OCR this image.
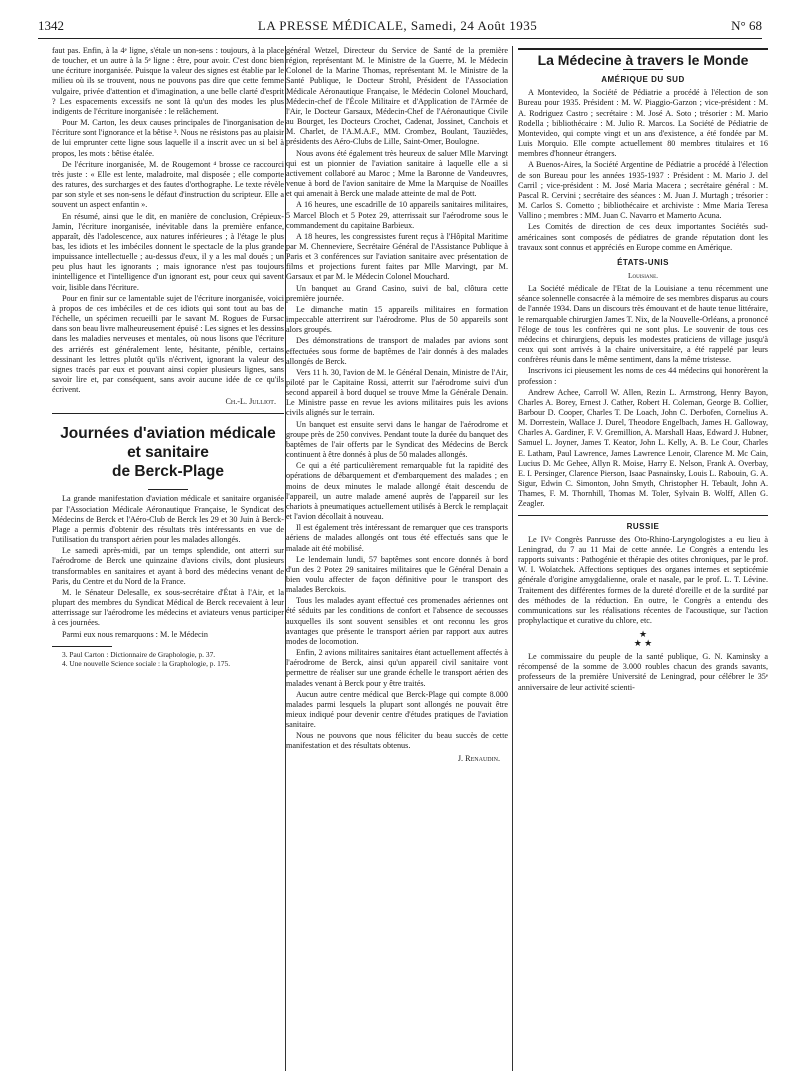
1342	LA PRESSE MÉDICALE, Samedi, 24 Août 1935	N° 68

faut pas. Enfin, à la 4ᵉ ligne, s'étale un non-sens : toujours, à la place de toucher, et un autre à la 5ᵉ ligne : être, pour avoir. C'est donc bien une écriture inorganisée. Puisque la valeur des signes est établie par le milieu où ils se trouvent, nous ne pouvons pas dire que cette femme vulgaire, privée d'attention et d'imagination, a une belle clarté d'esprit ? Les espacements excessifs ne sont là qu'un des modes les plus indigents de l'écriture inorganisée : le relâchement.

Pour M. Carton, les deux causes principales de l'inorganisation de l'écriture sont l'ignorance et la bêtise ³. Nous ne résistons pas au plaisir de lui emprunter cette ligne sous laquelle il a inscrit avec un si bel à propos, les mots : bêtise étalée.

De l'écriture inorganisée, M. de Rougemont ⁴ brosse ce raccourci très juste : « Elle est lente, maladroite, mal disposée ; elle comporte des ratures, des surcharges et des fautes d'orthographe. Le texte révèle par son style et ses non-sens le défaut d'instruction du scripteur. Elle a souvent un aspect enfantin ».

En résumé, ainsi que le dit, en manière de conclusion, Crépieux-Jamin, l'écriture inorganisée, inévitable dans la première enfance, apparaît, dès l'adolescence, aux natures inférieures ; à l'étage le plus bas, les idiots et les imbéciles donnent le spectacle de la plus grande impuissance intellectuelle ; au-dessus d'eux, il y a les mal doués ; un peu plus haut les ignorants ; mais ignorance n'est pas toujours inintelligence et l'intelligence d'un ignorant est, pour ceux qui savent voir, lisible dans l'écriture.

Pour en finir sur ce lamentable sujet de l'écriture inorganisée, voici à propos de ces imbéciles et de ces idiots qui sont tout au bas de l'échelle, un spécimen recueilli par le savant M. Rogues de Fursac dans son beau livre malheureusement épuisé : Les signes et les dessins dans les maladies nerveuses et mentales, où nous lisons que l'écriture des arriérés est généralement lente, hésitante, pénible, certains dessinant les lettres plutôt qu'ils n'écrivent, ignorant la valeur des signes tracés par eux et pouvant ainsi copier plusieurs lignes, sans savoir lire et, par conséquent, sans avoir aucune idée de ce qu'ils écrivent.

Ch.-L. Julliot.

Journées d'aviation médicale
et sanitaire
de Berck-Plage

La grande manifestation d'aviation médicale et sanitaire organisée par l'Association Médicale Aéronautique Française, le Syndicat des Médecins de Berck et l'Aéro-Club de Berck les 29 et 30 Juin à Berck-Plage a permis d'obtenir des résultats très intéressants en vue de l'utilisation du transport aérien pour les malades allongés.

Le samedi après-midi, par un temps splendide, ont atterri sur l'aérodrome de Berck une quinzaine d'avions civils, dont plusieurs transformables en sanitaires et ayant à bord des médecins venant de Paris, du Centre et du Nord de la France.

M. le Sénateur Delesalle, ex sous-secrétaire d'État à l'Air, et la plupart des membres du Syndicat Médical de Berck recevaient à leur atterrissage sur l'aérodrome les médecins et aviateurs venus participer à ces journées.

Parmi eux nous remarquons : M. le Médecin

3. Paul Carton : Dictionnaire de Graphologie, p. 37.

4. Une nouvelle Science sociale : la Graphologie, p. 175.

général Wetzel, Directeur du Service de Santé de la première région, représentant M. le Ministre de la Guerre, M. le Médecin Colonel de la Marine Thomas, représentant M. le Ministre de la Santé Publique, le Docteur Strohl, Président de l'Association Médicale Aéronautique Française, le Médecin Colonel Mouchard, Médecin-chef de l'École Militaire et d'Application de l'Armée de l'Air, le Docteur Garsaux, Médecin-Chef de l'Aéronautique Civile au Bourget, les Docteurs Crochet, Cadenat, Jossinet, Canchois et M. Charlet, de l'A.M.A.F., MM. Crombez, Boulant, Tauzièdes, présidents des Aéro-Clubs de Lille, Saint-Omer, Boulogne.

Nous avons été également très heureux de saluer Mlle Marvingt qui est un pionnier de l'aviation sanitaire à laquelle elle a si activement collaboré au Maroc ; Mme la Baronne de Vandeuvres, venue à bord de l'avion sanitaire de Mme la Marquise de Noailles et qui amenait à Berck une malade atteinte de mal de Pott.

A 16 heures, une escadrille de 10 appareils sanitaires militaires, 5 Marcel Bloch et 5 Potez 29, atterrissait sur l'aérodrome sous le commandement du capitaine Barbieux.

A 18 heures, les congressistes furent reçus à l'Hôpital Maritime par M. Chenneviere, Secrétaire Général de l'Assistance Publique à Paris et 3 conférences sur l'aviation sanitaire avec présentation de films et projections furent faites par Mlle Marvingt, par M. Garsaux et par M. le Médecin Colonel Mouchard.

Un banquet au Grand Casino, suivi de bal, clôtura cette première journée.

Le dimanche matin 15 appareils militaires en formation impeccable atterrirent sur l'aérodrome. Plus de 50 appareils sont alors groupés.

Des démonstrations de transport de malades par avions sont effectuées sous forme de baptêmes de l'air donnés à des malades allongés de Berck.

Vers 11 h. 30, l'avion de M. le Général Denain, Ministre de l'Air, piloté par le Capitaine Rossi, atterrit sur l'aérodrome suivi d'un second appareil à bord duquel se trouve Mme la Générale Denain. Le Ministre passe en revue les avions militaires puis les avions civils alignés sur le terrain.

Un banquet est ensuite servi dans le hangar de l'aérodrome et groupe près de 250 convives. Pendant toute la durée du banquet des baptêmes de l'air offerts par le Syndicat des Médecins de Berck continuent à être donnés à plus de 50 malades allongés.

Ce qui a été particulièrement remarquable fut la rapidité des opérations de débarquement et d'embarquement des malades ; en moins de deux minutes le malade allongé était descendu de l'appareil, un autre malade amené auprès de l'appareil sur les chariots à pneumatiques actuellement utilisés à Berck le remplaçait et l'avion décollait à nouveau.

Il est également très intéressant de remarquer que ces transports aériens de malades allongés ont tous été effectués sans que le malade ait été mobilisé.

Le lendemain lundi, 57 baptêmes sont encore donnés à bord d'un des 2 Potez 29 sanitaires militaires que le Général Denain a bien voulu affecter de façon définitive pour le transport des malades Berckois.

Tous les malades ayant effectué ces promenades aériennes ont été séduits par les conditions de confort et l'absence de secousses auxquelles ils sont souvent sensibles et ont reconnu les gros avantages que présente le transport aérien par rapport aux autres modes de locomotion.

Enfin, 2 avions militaires sanitaires étant actuellement affectés à l'aérodrome de Berck, ainsi qu'un appareil civil sanitaire vont permettre de réaliser sur une grande échelle le transport aérien des malades venant à Berck pour y être traités.

Aucun autre centre médical que Berck-Plage qui compte 8.000 malades parmi lesquels la plupart sont allongés ne pouvait être mieux indiqué pour devenir centre d'études pratiques de l'aviation sanitaire.

Nous ne pouvons que nous féliciter du beau succès de cette manifestation et des résultats obtenus.

J. Renaudin.

La Médecine à travers le Monde
AMÉRIQUE DU SUD

A Montevideo, la Société de Pédiatrie a procédé à l'élection de son Bureau pour 1935. Président : M. W. Piaggio-Garzon ; vice-président : M. A. Rodriguez Castro ; secrétaire : M. José A. Soto ; trésorier : M. Mario Rodella ; bibliothécaire : M. Julio R. Marcos. La Société de Pédiatrie de Montevideo, qui compte vingt et un ans d'existence, a été fondée par M. Luis Morquio. Elle compte actuellement 80 membres titulaires et 16 membres d'honneur étrangers.

A Buenos-Aires, la Société Argentine de Pédiatrie a procédé à l'élection de son Bureau pour les années 1935-1937 : Président : M. Mario J. del Carril ; vice-président : M. José Maria Macera ; secrétaire général : M. Pascal R. Cervini ; secrétaire des séances : M. Juan J. Murtagh ; trésorier : M. Carlos S. Cometto ; bibliothécaire et archiviste : Mme Maria Teresa Vallino ; membres : MM. Juan C. Navarro et Mamerto Acuna.

Les Comités de direction de ces deux importantes Sociétés sud-américaines sont composés de pédiatres de grande réputation dont les travaux sont connus et appréciés en Europe comme en Amérique.

ÉTATS-UNIS
Louisiane.

La Société médicale de l'Etat de la Louisiane a tenu récemment une séance solennelle consacrée à la mémoire de ses membres disparus au cours de l'année 1934. Dans un discours très émouvant et de haute tenue littéraire, le remarquable chirurgien James T. Nix, de la Nouvelle-Orléans, a prononcé l'éloge de tous les confrères qui ne sont plus. Le souvenir de tous ces médecins et chirurgiens, depuis les modestes praticiens de village jusqu'à ceux qui sont arrivés à la chaire universitaire, a été rappelé par leurs confrères réunis dans le même sentiment, dans la même tristesse.

Inscrivons ici pieusement les noms de ces 44 médecins qui honorèrent la profession :

Andrew Achee, Carroll W. Allen, Rezin L. Armstrong, Henry Bayon, Charles A. Borey, Ernest J. Cather, Robert H. Coleman, George B. Collier, Barbour D. Cooper, Charles T. De Loach, John C. Derbofen, Cornelius A. M. Dorrestein, Wallace J. Durel, Theodore Engelbach, James H. Galloway, Charles A. Gardiner, F. V. Gremillion, A. Marshall Haas, Edward J. Hubner, Samuel L. Joyner, James T. Keator, John L. Kelly, A. B. Le Cour, Charles E. Latham, Paul Lawrence, James Lawrence Lenoir, Clarence M. Mc Cain, Lucius D. Mc Gehee, Allyn R. Moise, Harry E. Nelson, Frank A. Overbay, E. I. Persinger, Clarence Pierson, Isaac Pasnainsky, Louis L. Rabouin, G. A. Sigur, Edwin C. Simonton, John Smyth, Christopher H. Tebault, John A. Thames, F. M. Thornhill, Thomas M. Toler, Sylvain B. Wolff, Allen G. Zeagler.

RUSSIE

Le IVᵉ Congrès Panrusse des Oto-Rhino-Laryngologistes a eu lieu à Leningrad, du 7 au 11 Mai de cette année. Le Congrès a entendu les rapports suivants : Pathogénie et thérapie des otites chroniques, par le prof. W. I. Woïatchek. Affections septiques des organes internes et septicémie générale d'origine amygdalienne, orale et nasale, par le prof. L. T. Lévine. Traitement des différentes formes de la dureté d'oreille et de la surdité par des méthodes de la réduction. En outre, le Congrès a entendu des communications sur les réalisations récentes de l'acoustique, sur l'action prophylactique et curative du chlore, etc.

★
★ ★

Le commissaire du peuple de la santé publique, G. N. Kaminsky a récompensé de la somme de 3.000 roubles chacun des grands savants, professeurs de la première Université de Leningrad, pour célébrer le 35ᵉ anniversaire de leur activité scienti-
